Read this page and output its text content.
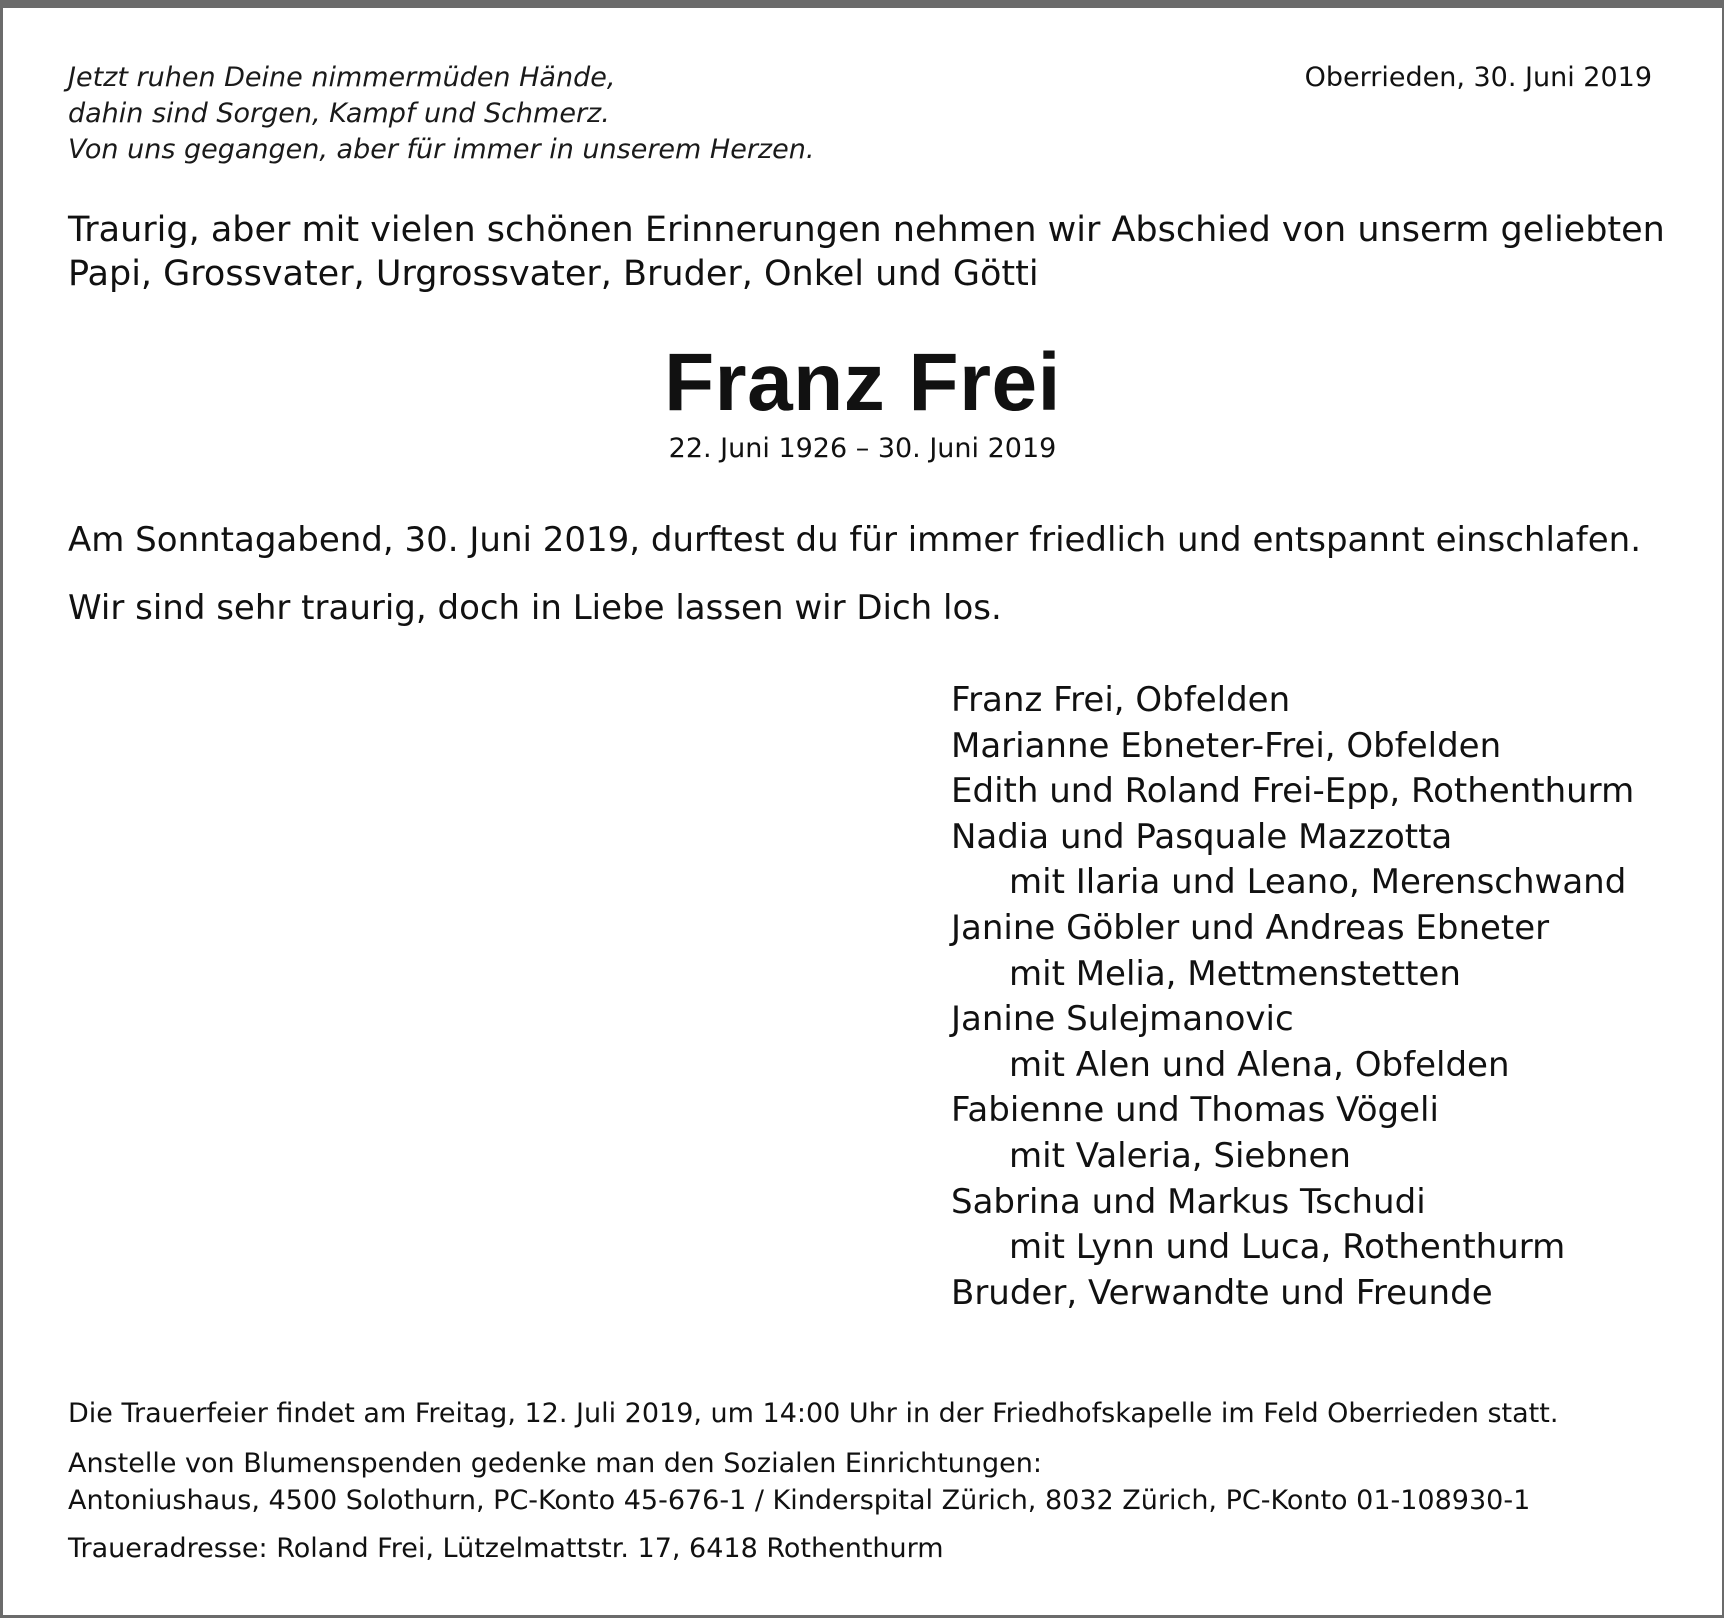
Jetzt ruhen Deine nimmermüden Hände,
dahin sind Sorgen, Kampf und Schmerz.
Von uns gegangen, aber für immer in unserem Herzen.
Oberrieden, 30. Juni 2019
Traurig, aber mit vielen schönen Erinnerungen nehmen wir Abschied von unserm geliebten
Papi, Grossvater, Urgrossvater, Bruder, Onkel und Götti
Franz Frei
22. Juni 1926 – 30. Juni 2019
Am Sonntagabend, 30. Juni 2019, durftest du für immer friedlich und entspannt einschlafen.
Wir sind sehr traurig, doch in Liebe lassen wir Dich los.
Franz Frei, Obfelden
Marianne Ebneter-Frei, Obfelden
Edith und Roland Frei-Epp, Rothenthurm
Nadia und Pasquale Mazzotta
mit Ilaria und Leano, Merenschwand
Janine Göbler und Andreas Ebneter
mit Melia, Mettmenstetten
Janine Sulejmanovic
mit Alen und Alena, Obfelden
Fabienne und Thomas Vögeli
mit Valeria, Siebnen
Sabrina und Markus Tschudi
mit Lynn und Luca, Rothenthurm
Bruder, Verwandte und Freunde
Die Trauerfeier findet am Freitag, 12. Juli 2019, um 14:00 Uhr in der Friedhofskapelle im Feld Oberrieden statt.
Anstelle von Blumenspenden gedenke man den Sozialen Einrichtungen:
Antoniushaus, 4500 Solothurn, PC-Konto 45-676-1 / Kinderspital Zürich, 8032 Zürich, PC-Konto 01-108930-1
Traueradresse: Roland Frei, Lützelmattstr. 17, 6418 Rothenthurm
